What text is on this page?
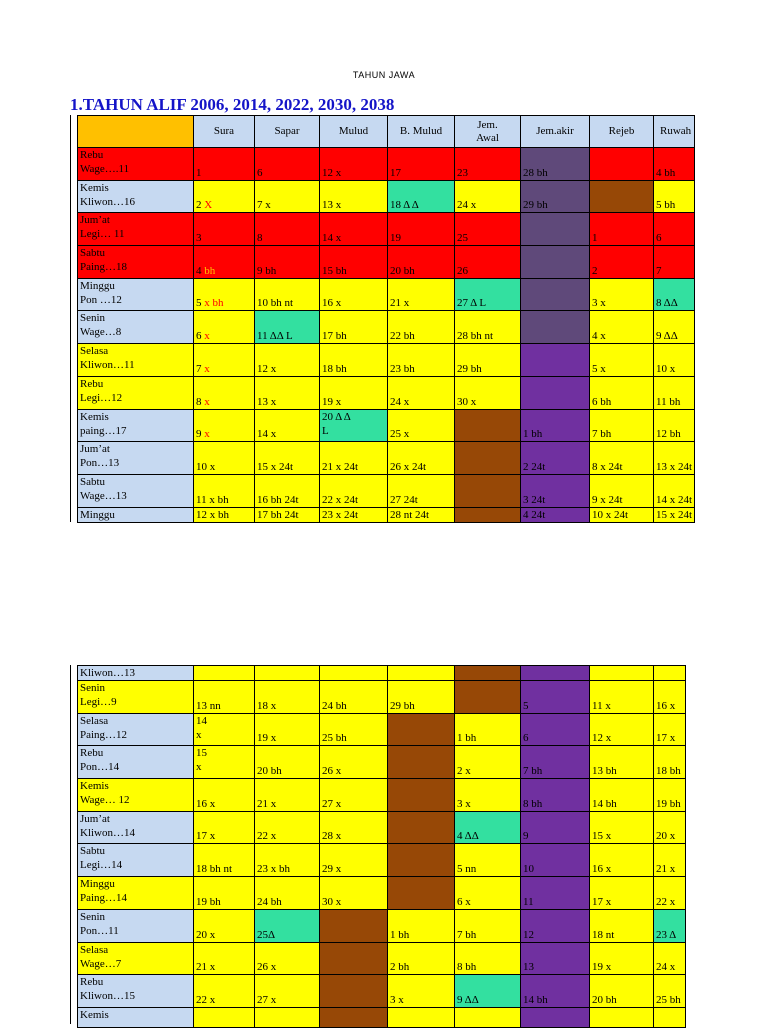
TAHUN JAWA
1.TAHUN ALIF 2006, 2014, 2022, 2030, 2038
	Sura	Sapar	Mulud	B. Mulud	Jem.
Awal	Jem.akir	Rejeb	Ruwah
Rebu
Wage….11	1	6	12 x	17	23	28 bh		4 bh
Kemis
Kliwon…16	2 X	7 x	13 x	18 Δ Δ	24 x	29 bh		5 bh
Jum’at
Legi… 11	3	8	14 x	19	25		1	6
Sabtu
Paing…18	4 bh	9 bh	15 bh	20 bh	26		2	7
Minggu
Pon …12	5 x bh	10 bh nt	16 x	21 x	27 Δ L		3 x	8 ΔΔ
Senin
Wage…8	6 x	11 ΔΔ L	17 bh	22 bh	28 bh nt		4 x	9 ΔΔ
Selasa
Kliwon…11	7 x	12 x	18 bh	23 bh	29 bh		5 x	10 x
Rebu
Legi…12	8 x	13 x	19 x	24 x	30 x		6 bh	11 bh
Kemis
paing…17	9 x	14 x	20 Δ Δ
L	25 x		1 bh	7 bh	12 bh
Jum’at
Pon…13	10 x	15 x 24t	21 x 24t	26 x 24t		2 24t	8 x 24t	13 x 24t
Sabtu
Wage…13	11 x bh	16 bh 24t	22 x 24t	27 24t		3 24t	9 x 24t	14 x 24t
Minggu	12 x bh	17 bh 24t	23 x 24t	28 nt 24t		4 24t	10 x 24t	15 x 24t
Kliwon…13								
Senin
Legi…9	13 nn	18 x	24 bh	29 bh		5	11 x	16 x
Selasa
Paing…12	14
x	19 x	25 bh		1 bh	6	12 x	17 x
Rebu
Pon…14	15
x	20 bh	26 x		2 x	7 bh	13 bh	18 bh
Kemis
Wage… 12	16 x	21 x	27 x		3 x	8 bh	14 bh	19 bh
Jum’at
Kliwon…14	17 x	22 x	28 x		4 ΔΔ	9	15 x	20 x
Sabtu
Legi…14	18 bh nt	23 x bh	29 x		5 nn	10	16 x	21 x
Minggu
Paing…14	19 bh	24 bh	30 x		6 x	11	17 x	22 x
Senin
Pon…11	20 x	25Δ		1 bh	7 bh	12	18 nt	23 Δ
Selasa
Wage…7	21 x	26 x		2 bh	8 bh	13	19 x	24 x
Rebu
Kliwon…15	22 x	27 x		3 x	9 ΔΔ	14 bh	20 bh	25 bh
Kemis								
